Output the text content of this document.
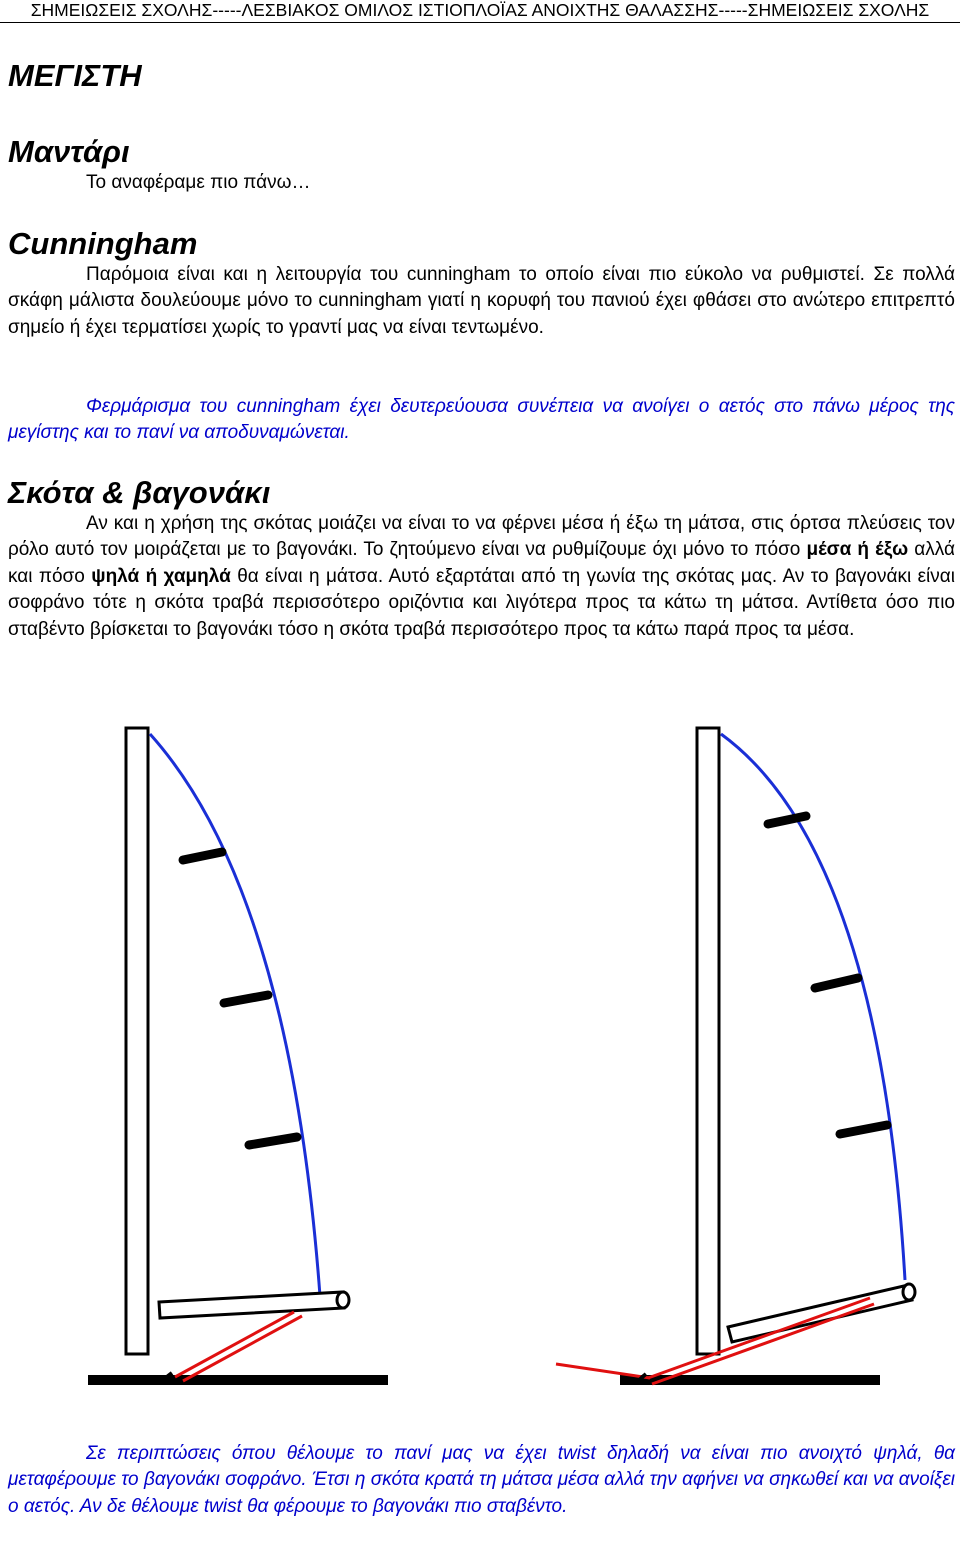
ΣΗΜΕΙΩΣΕΙΣ ΣΧΟΛΗΣ-----ΛΕΣΒΙΑΚΟΣ ΟΜΙΛΟΣ ΙΣΤΙΟΠΛΟΪΑΣ ΑΝΟΙΧΤΗΣ ΘΑΛΑΣΣΗΣ-----ΣΗΜΕΙΩΣΕΙΣ ΣΧΟΛΗΣ
ΜΕΓΙΣΤΗ
Μαντάρι

Το αναφέραμε πιο πάνω…

Cunningham

Παρόμοια είναι και η λειτουργία του cunningham το οποίο είναι πιο εύκολο να ρυθμιστεί. Σε πολλά σκάφη μάλιστα δουλεύουμε μόνο το cunningham γιατί η κορυφή του πανιού έχει φθάσει στο ανώτερο επιτρεπτό σημείο ή έχει τερματίσει χωρίς το γραντί μας να είναι τεντωμένο.

Φερμάρισμα του cunningham έχει δευτερεύουσα συνέπεια να ανοίγει ο αετός στο πάνω μέρος της μεγίστης και το πανί να αποδυναμώνεται.

Σκότα & βαγονάκι

Αν και η χρήση της σκότας μοιάζει να είναι το να φέρνει μέσα ή έξω τη μάτσα, στις όρτσα πλεύσεις τον ρόλο αυτό τον μοιράζεται με το βαγονάκι. Το ζητούμενο είναι να ρυθμίζουμε όχι μόνο το πόσο μέσα ή έξω αλλά και πόσο ψηλά ή χαμηλά θα είναι η μάτσα. Αυτό εξαρτάται από τη γωνία της σκότας μας. Αν το βαγονάκι είναι σοφράνο τότε η σκότα τραβά περισσότερο οριζόντια και λιγότερα προς τα κάτω τη μάτσα. Αντίθετα όσο πιο σταβέντο βρίσκεται το βαγονάκι τόσο η σκότα τραβά περισσότερο προς τα κάτω παρά προς τα μέσα.

Σε περιπτώσεις όπου θέλουμε το πανί μας να έχει twist δηλαδή να είναι πιο ανοιχτό ψηλά, θα μεταφέρουμε το βαγονάκι σοφράνο. Έτσι η σκότα κρατά τη μάτσα μέσα αλλά την αφήνει να σηκωθεί και να ανοίξει ο αετός. Αν δε θέλουμε twist θα φέρουμε το βαγονάκι πιο σταβέντο.
